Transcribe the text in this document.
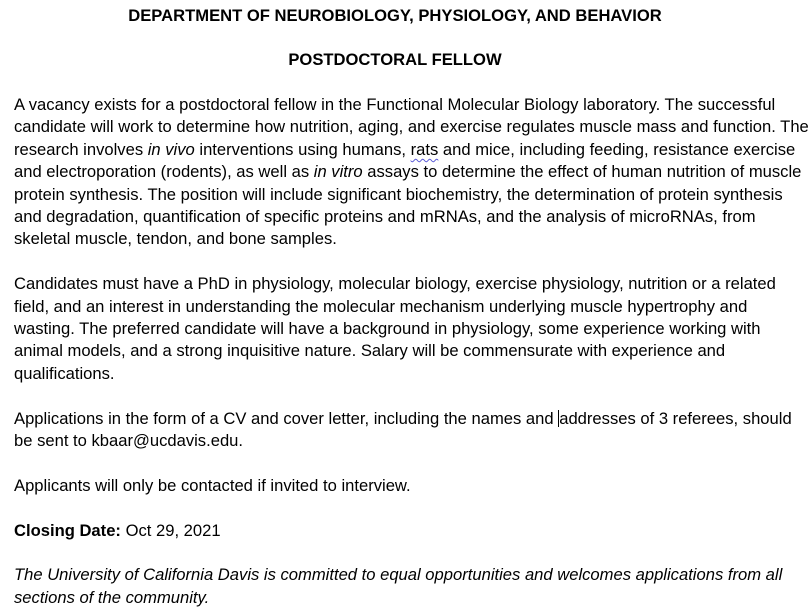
DEPARTMENT OF NEUROBIOLOGY, PHYSIOLOGY, AND BEHAVIOR
POSTDOCTORAL FELLOW

A vacancy exists for a postdoctoral fellow in the Functional Molecular Biology laboratory. The successful candidate will work to determine how nutrition, aging, and exercise regulates muscle mass and function. The research involves in vivo interventions using humans, rats and mice, including feeding, resistance exercise and electroporation (rodents), as well as in vitro assays to determine the effect of human nutrition of muscle protein synthesis. The position will include significant biochemistry, the determination of protein synthesis and degradation, quantification of specific proteins and mRNAs, and the analysis of microRNAs, from skeletal muscle, tendon, and bone samples.

Candidates must have a PhD in physiology, molecular biology, exercise physiology, nutrition or a related field, and an interest in understanding the molecular mechanism underlying muscle hypertrophy and wasting. The preferred candidate will have a background in physiology, some experience working with animal models, and a strong inquisitive nature. Salary will be commensurate with experience and qualifications.

Applications in the form of a CV and cover letter, including the names and addresses of 3 referees, should be sent to kbaar@ucdavis.edu.

Applicants will only be contacted if invited to interview.

Closing Date: Oct 29, 2021

The University of California Davis is committed to equal opportunities and welcomes applications from all sections of the community.
